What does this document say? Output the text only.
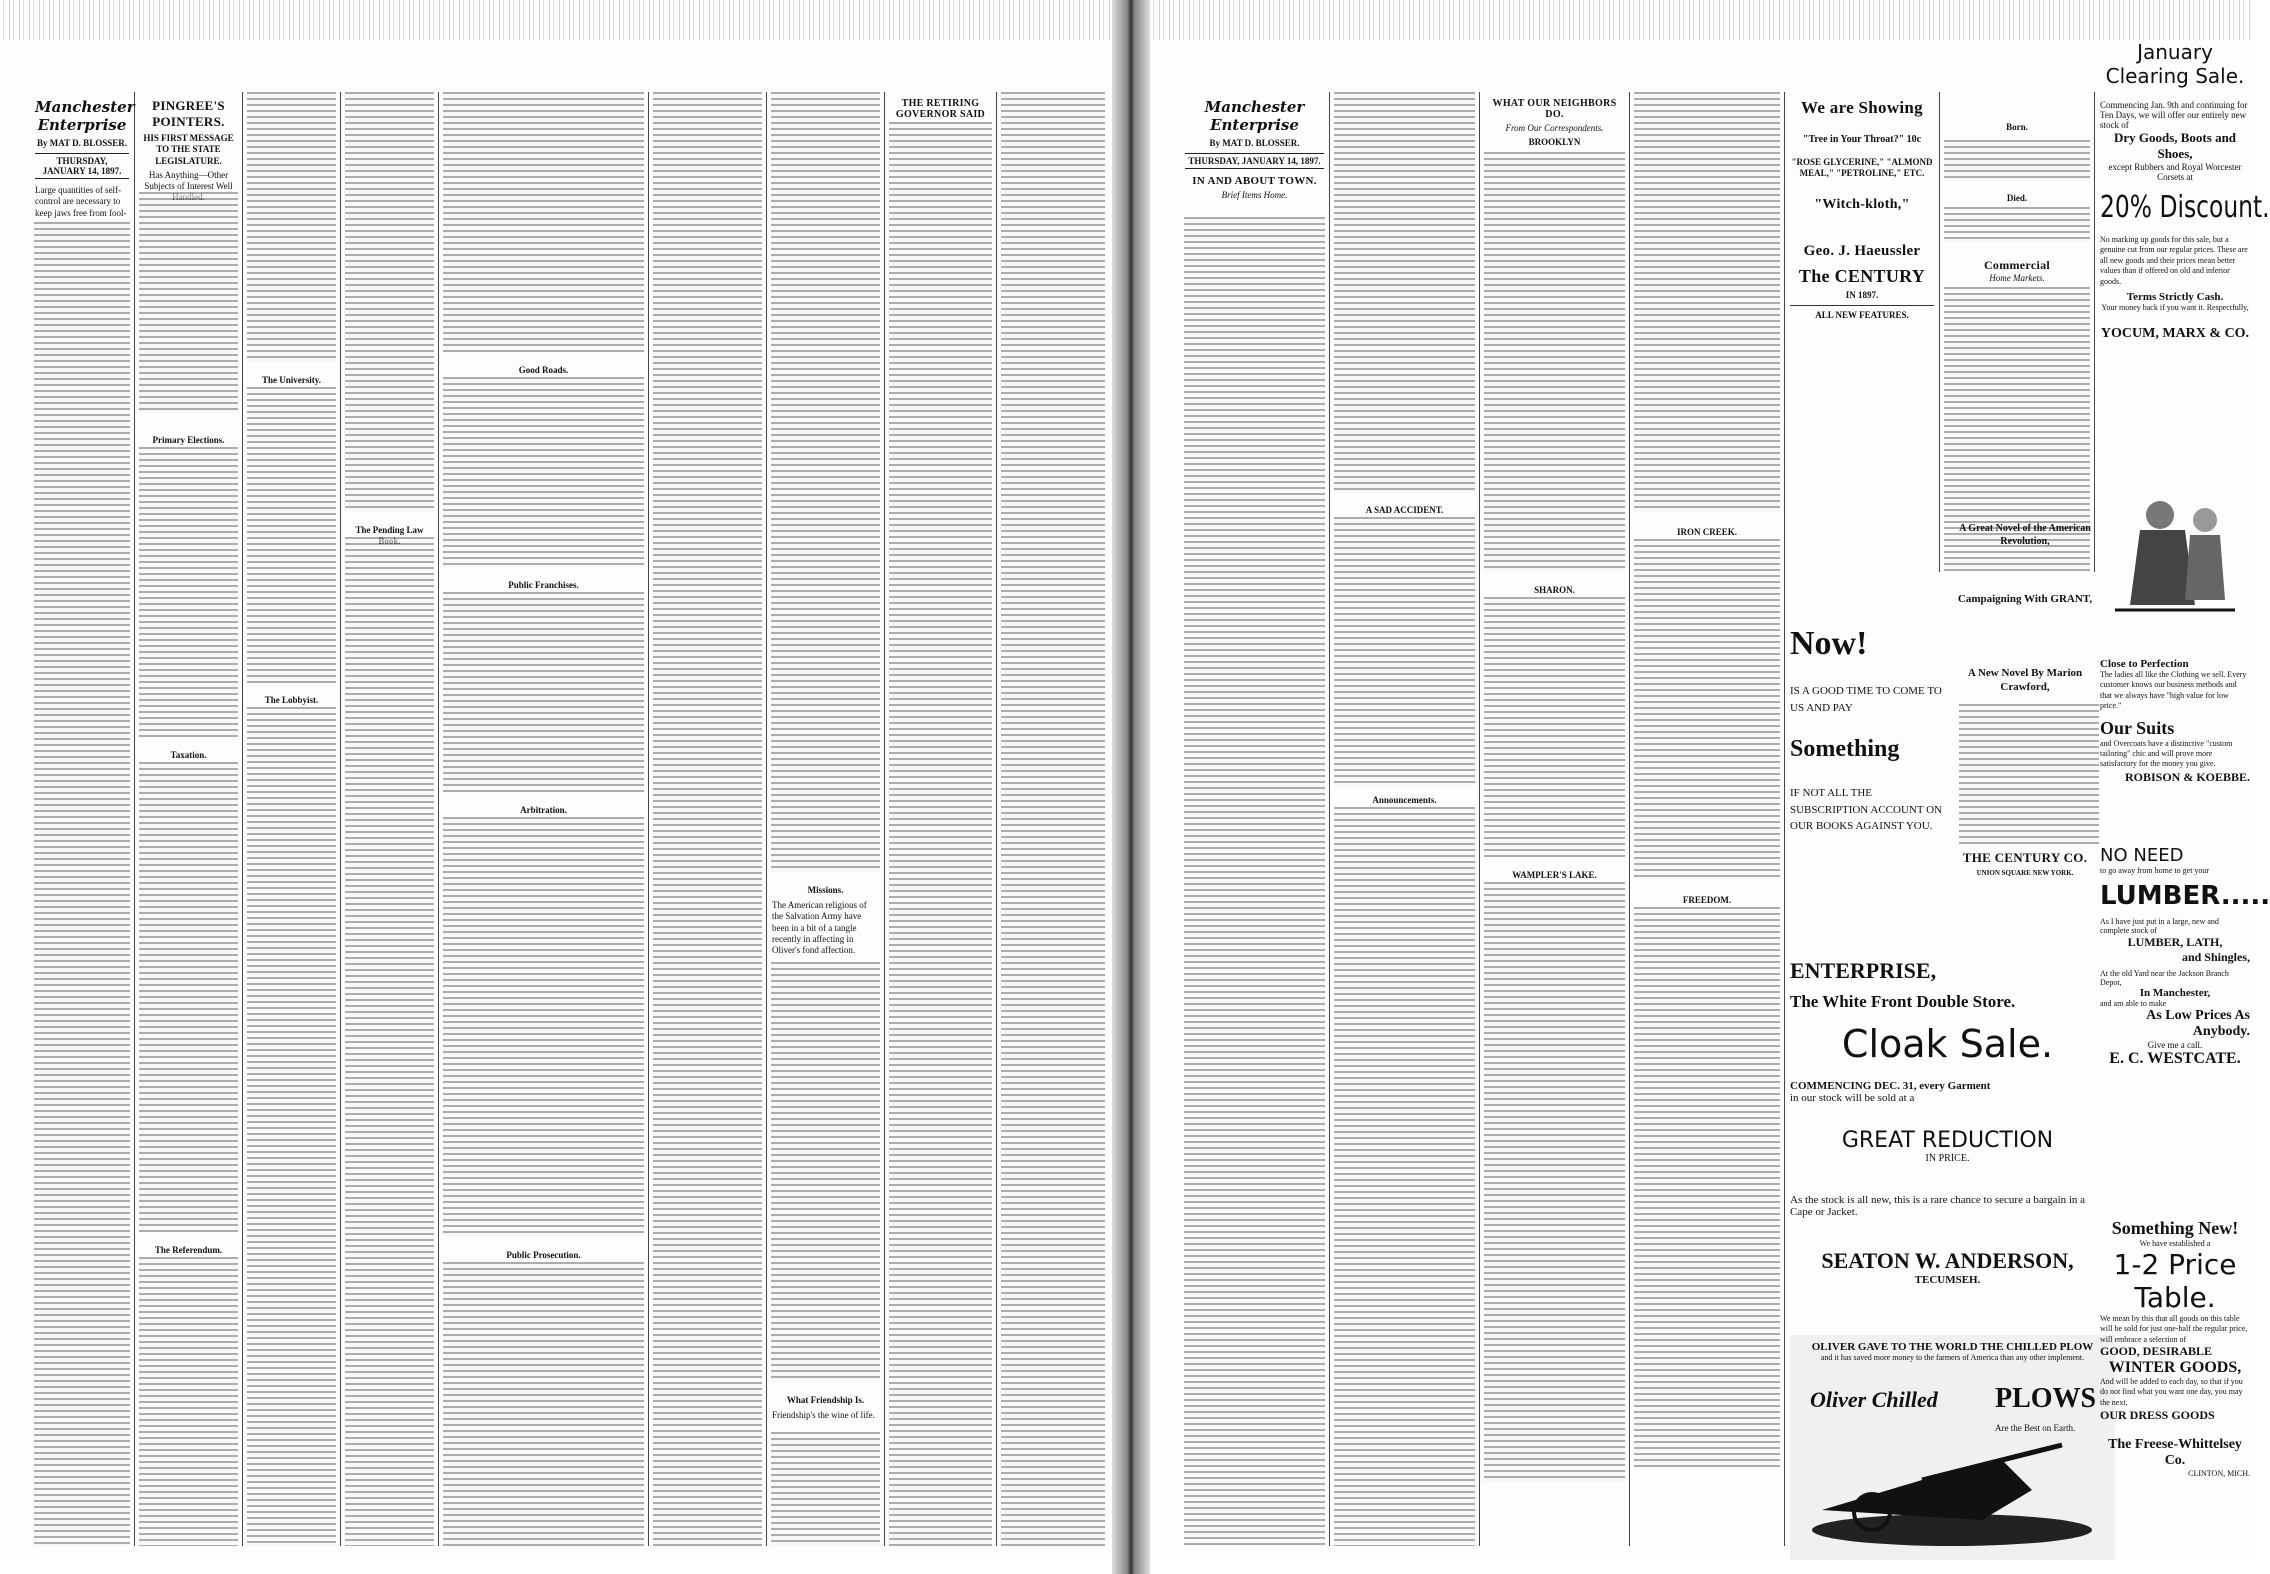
Manchester Enterprise
By MAT D. BLOSSER.
THURSDAY, JANUARY 14, 1897.
Large quantities of self-control are necessary to keep jaws free from fool-
PINGREE'S POINTERS.
HIS FIRST MESSAGE TO THE STATE LEGISLATURE.
Has Anything—Other Subjects of Interest Well
Primary Elections.
Taxation.
The Referendum.
The University.
The Lobbyist.
The Pending Law
Good Roads.
Public Franchises.
Arbitration.
Public Prosecution.
Missions.
The American religious of the Salvation Army have been in a bit of a tangle recently in affecting in Oliver's fond affection.
What Friendship Is.
Friendship's the wine of life.
THE RETIRING GOVERNOR SAID	Manchester Enterprise
By MAT D. BLOSSER.
THURSDAY, JANUARY 14, 1897.
IN AND ABOUT TOWN.
Brief Items Home.
A SAD ACCIDENT.
Announcements.
WHAT OUR NEIGHBORS DO.
From Our Correspondents.
BROOKLYN
SHARON.
WAMPLER'S LAKE.
IRON CREEK.
FREEDOM.
We are Showing
"Tree in Your Throat?" 10c
"ROSE GLYCERINE," "ALMOND MEAL," "PETROLINE," ETC.
"Witch-kloth,"
Geo. J. Haeussler
The CENTURY
IN 1897.
ALL NEW FEATURES.
Born.
Died.
Commercial
Home Markets.
Now!
IS A GOOD TIME TO COME TO US AND PAY
Something
IF NOT ALL THE SUBSCRIPTION ACCOUNT ON OUR BOOKS AGAINST YOU.
A Great Novel of the American Revolution,
Campaigning With GRANT,
A New Novel By Marion Crawford,
THE CENTURY CO.
UNION SQUARE NEW YORK.
ENTERPRISE,
The White Front Double Store.
Cloak Sale.
COMMENCING DEC. 31, every Garment
in our stock will be sold at a
GREAT REDUCTION
IN PRICE.
As the stock is all new, this is a rare chance to secure a bargain in a Cape or Jacket.
SEATON W. ANDERSON,
TECUMSEH.
OLIVER GAVE TO THE WORLD THE CHILLED PLOW
and it has saved more money to the farmers of America than any other implement.
Oliver Chilled PLOWS
Are the Best on Earth.
January
Clearing Sale.
Commencing Jan. 9th and continuing for Ten Days, we will offer our entirely new stock of
Dry Goods, Boots and Shoes,
except Rubbers and Royal Worcester Corsets at
20% Discount.
No marking up goods for this sale, but a genuine cut from our regular prices. These are all new goods and their prices mean better values than if offered on old and inferior goods.
Terms Strictly Cash.
Your money back if you want it. Respectfully,
YOCUM, MARX & CO.
Close to Perfection
The ladies all like the Clothing we sell. Every customer knows our business methods and that we always have "high value for low price."
Our Suits
and Overcoats have a distinctive "custom tailoring" chic and will prove more satisfactory for the money you give.
ROBISON & KOEBBE.
NO NEED
to go away from home to get your
LUMBER.....
As I have just put in a large, new and complete stock of
LUMBER, LATH,
and Shingles,
At the old Yard near the Jackson Branch Depot,
In Manchester,
and am able to make
As Low Prices As Anybody.
Give me a call.
E. C. WESTCATE.
Something New!
We have established a
1-2 Price Table.
We mean by this that all goods on this table will be sold for just one-half the regular price,
will embrace a selection of
GOOD, DESIRABLE
WINTER GOODS,
And will be added to each day, so that if you do not find what you want one day, you may the next.
OUR DRESS GOODS
The Freese-Whittelsey Co.
CLINTON, MICH.
